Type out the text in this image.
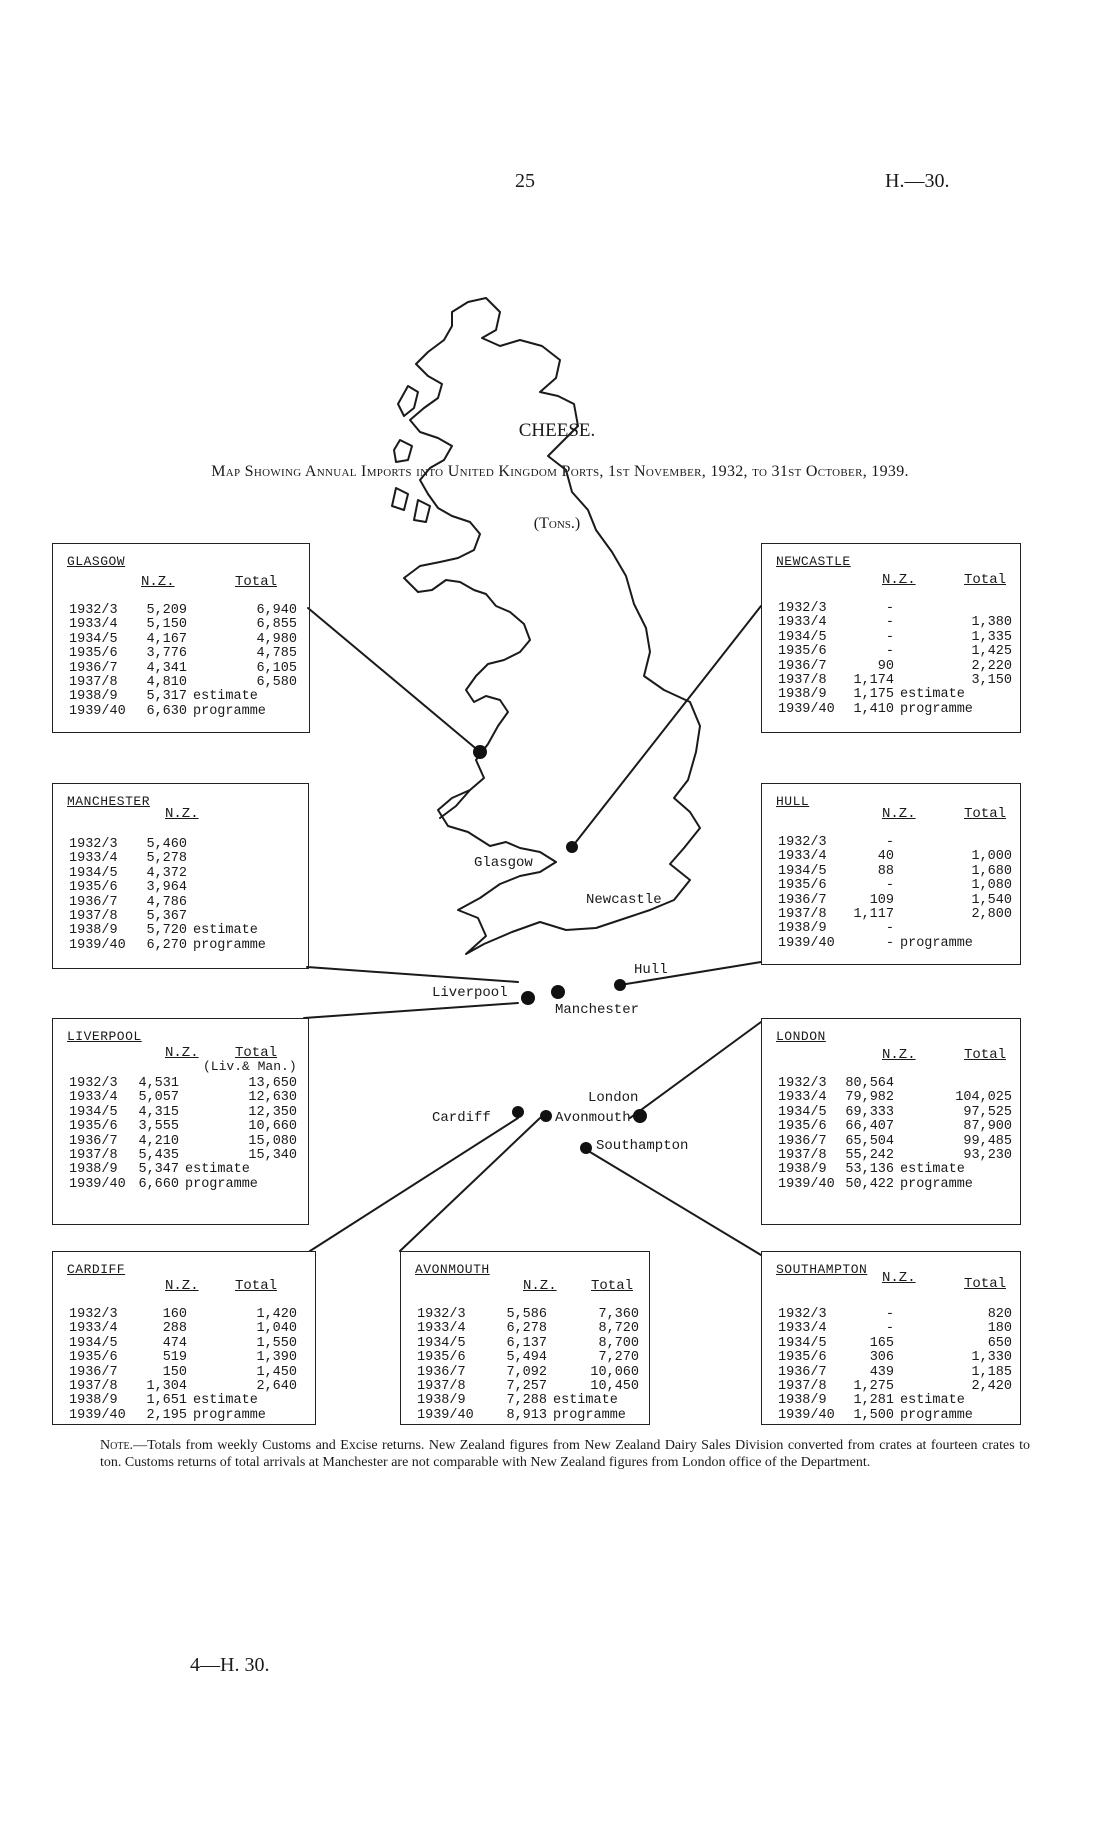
25	H.—30.
CHEESE.
Map Showing Annual Imports into United Kingdom Ports, 1st November, 1932, to 31st October, 1939.
(Tons.)
Glasgow
Newcastle
Hull
Liverpool
Manchester
London
Cardiff	Avonmouth
Southampton
GLASGOW
N.Z.	Total
1932/3	5,209	6,940
1933/4	5,150	6,855
1934/5	4,167	4,980
1935/6	3,776	4,785
1936/7	4,341	6,105
1937/8	4,810	6,580
1938/9	5,317 estimate
1939/40	6,630 programme
MANCHESTER
N.Z.
1932/3	5,460
1933/4	5,278
1934/5	4,372
1935/6	3,964
1936/7	4,786
1937/8	5,367
1938/9	5,720 estimate
1939/40	6,270 programme
LIVERPOOL
N.Z.	Total
(Liv.& Man.)
1932/3	4,531	13,650
1933/4	5,057	12,630
1934/5	4,315	12,350
1935/6	3,555	10,660
1936/7	4,210	15,080
1937/8	5,435	15,340
1938/9	5,347 estimate
1939/40 6,660 programme
CARDIFF
N.Z.	Total
1932/3	160	1,420
1933/4	288	1,040
1934/5	474	1,550
1935/6	519	1,390
1936/7	150	1,450
1937/8	1,304	2,640
1938/9	1,651 estimate
1939/40	2,195 programme
AVONMOUTH
N.Z. Total
1932/3	5,586	7,360
1933/4	6,278	8,720
1934/5	6,137	8,700
1935/6	5,494	7,270
1936/7	7,092	10,060
1937/8	7,257	10,450
1938/9	7,288 estimate
1939/40	8,913 programme
NEWCASTLE
N.Z.	Total
1932/3	-
1933/4	-	1,380
1934/5	-	1,335
1935/6	-	1,425
1936/7	90	2,220
1937/8	1,174	3,150
1938/9	1,175 estimate
1939/40	1,410 programme
HULL
N.Z.	Total
1932/3	-
1933/4	40	1,000
1934/5	88	1,680
1935/6	-	1,080
1936/7	109	1,540
1937/8	1,117	2,800
1938/9	-
1939/40	- programme
LONDON
N.Z.	Total
1932/3	80,564
1933/4	79,982	104,025
1934/5	69,333	97,525
1935/6	66,407	87,900
1936/7	65,504	99,485
1937/8	55,242	93,230
1938/9	53,136 estimate
1939/40 50,422 programme
SOUTHAMPTON
N.Z.	Total
1932/3	-	820
1933/4	-	180
1934/5	165	650
1935/6	306	1,330
1936/7	439	1,185
1937/8	1,275	2,420
1938/9	1,281 estimate
1939/40	1,500 programme
Note.—Totals from weekly Customs and Excise returns. New Zealand figures from New Zealand Dairy Sales Division converted from crates at fourteen crates to ton. Customs returns of total arrivals at Manchester are not comparable with New Zealand figures from London office of the Department.
4—H. 30.
